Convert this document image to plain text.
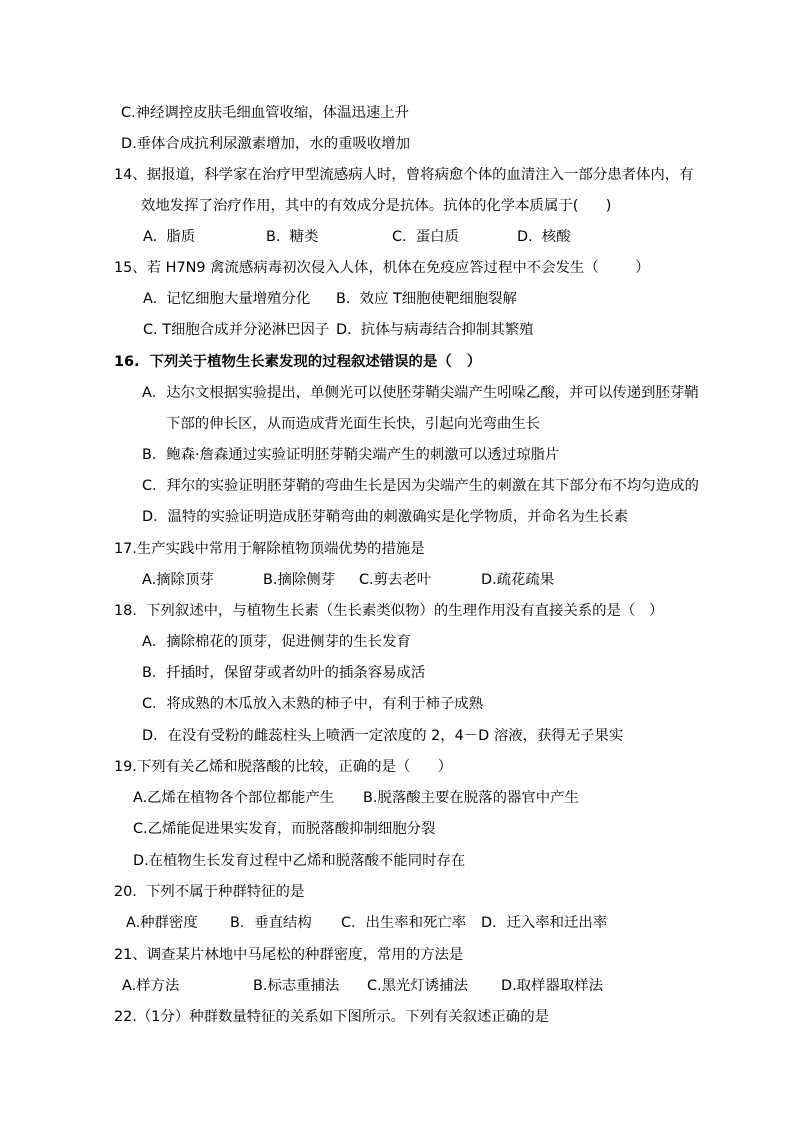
C.神经调控皮肤毛细血管收缩，体温迅速上升
D.垂体合成抗利尿激素增加，水的重吸收增加
14、据报道，科学家在治疗甲型流感病人时，曾将病愈个体的血清注入一部分患者体内，有
效地发挥了治疗作用，其中的有效成分是抗体。抗体的化学本质属于(      )

A.  脂质

	B.  糖类

	C.  蛋白质

	D.  核酸

15、若 H7N9 禽流感病毒初次侵入人体，机体在免疫应答过程中不会发生（        ）

A.  记忆细胞大量增殖分化

B.  效应 T细胞使靶细胞裂解

C. T细胞合成并分泌淋巴因子

D.  抗体与病毒结合抑制其繁殖

16.  下列关于植物生长素发现的过程叙述错误的是（   ）
A．达尔文根据实验提出，单侧光可以使胚芽鞘尖端产生吲哚乙酸，并可以传递到胚芽鞘
下部的伸长区，从而造成背光面生长快，引起向光弯曲生长
B．鲍森·詹森通过实验证明胚芽鞘尖端产生的刺激可以透过琼脂片
C．拜尔的实验证明胚芽鞘的弯曲生长是因为尖端产生的刺激在其下部分布不均匀造成的
D．温特的实验证明造成胚芽鞘弯曲的刺激确实是化学物质，并命名为生长素
17.生产实践中常用于解除植物顶端优势的措施是

A.摘除顶芽

	B.摘除侧芽

C.剪去老叶

	D.疏花疏果

18.  下列叙述中，与植物生长素（生长素类似物）的生理作用没有直接关系的是（   ）
A．摘除棉花的顶芽，促进侧芽的生长发育
B．扦插时，保留芽或者幼叶的插条容易成活
C．将成熟的木瓜放入未熟的柿子中，有利于柿子成熟
D．在没有受粉的雌蕊柱头上喷洒一定浓度的 2，4－D 溶液，获得无子果实
19.下列有关乙烯和脱落酸的比较，正确的是（      ）

A.乙烯在植物各个部位都能产生

B.脱落酸主要在脱落的器官中产生

C.乙烯能促进果实发育，而脱落酸抑制细胞分裂
D.在植物生长发育过程中乙烯和脱落酸不能同时存在
20.  下列不属于种群特征的是

A.种群密度

B．垂直结构

C．出生率和死亡率

D．迁入率和迁出率

21、调查某片林地中马尾松的种群密度，常用的方法是

A.样方法

	B.标志重捕法

C.黑光灯诱捕法

D.取样器取样法

22.（1分）种群数量特征的关系如下图所示。下列有关叙述正确的是
